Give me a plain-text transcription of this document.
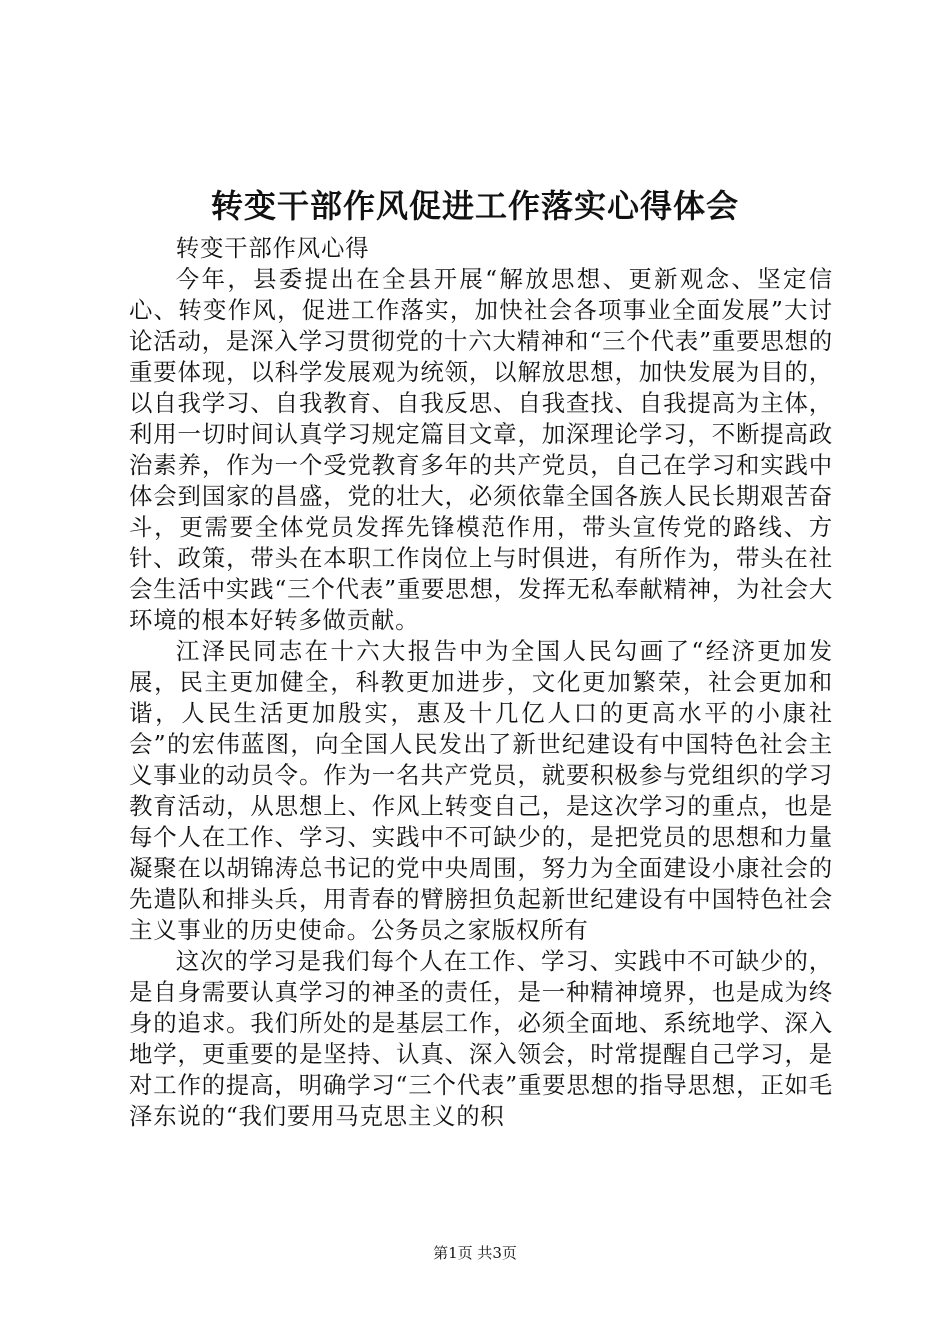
转变干部作风促进工作落实心得体会

转变干部作风心得

今年，县委提出在全县开展“解放思想、更新观念、坚定信心、转变作风，促进工作落实，加快社会各项事业全面发展”大讨论活动，是深入学习贯彻党的十六大精神和“三个代表”重要思想的重要体现，以科学发展观为统领，以解放思想，加快发展为目的，以自我学习、自我教育、自我反思、自我查找、自我提高为主体，利用一切时间认真学习规定篇目文章，加深理论学习，不断提高政治素养，作为一个受党教育多年的共产党员，自己在学习和实践中体会到国家的昌盛，党的壮大，必须依靠全国各族人民长期艰苦奋斗，更需要全体党员发挥先锋模范作用，带头宣传党的路线、方针、政策，带头在本职工作岗位上与时俱进，有所作为，带头在社会生活中实践“三个代表”重要思想，发挥无私奉献精神，为社会大环境的根本好转多做贡献。

江泽民同志在十六大报告中为全国人民勾画了“经济更加发展，民主更加健全，科教更加进步，文化更加繁荣，社会更加和谐，人民生活更加殷实，惠及十几亿人口的更高水平的小康社会”的宏伟蓝图，向全国人民发出了新世纪建设有中国特色社会主义事业的动员令。作为一名共产党员，就要积极参与党组织的学习教育活动，从思想上、作风上转变自己，是这次学习的重点，也是每个人在工作、学习、实践中不可缺少的，是把党员的思想和力量凝聚在以胡锦涛总书记的党中央周围，努力为全面建设小康社会的先遣队和排头兵，用青春的臂膀担负起新世纪建设有中国特色社会主义事业的历史使命。公务员之家版权所有

这次的学习是我们每个人在工作、学习、实践中不可缺少的，是自身需要认真学习的神圣的责任，是一种精神境界，也是成为终身的追求。我们所处的是基层工作，必须全面地、系统地学、深入地学，更重要的是坚持、认真、深入领会，时常提醒自己学习，是对工作的提高，明确学习“三个代表”重要思想的指导思想，正如毛泽东说的“我们要用马克思主义的积

第1页 共3页
